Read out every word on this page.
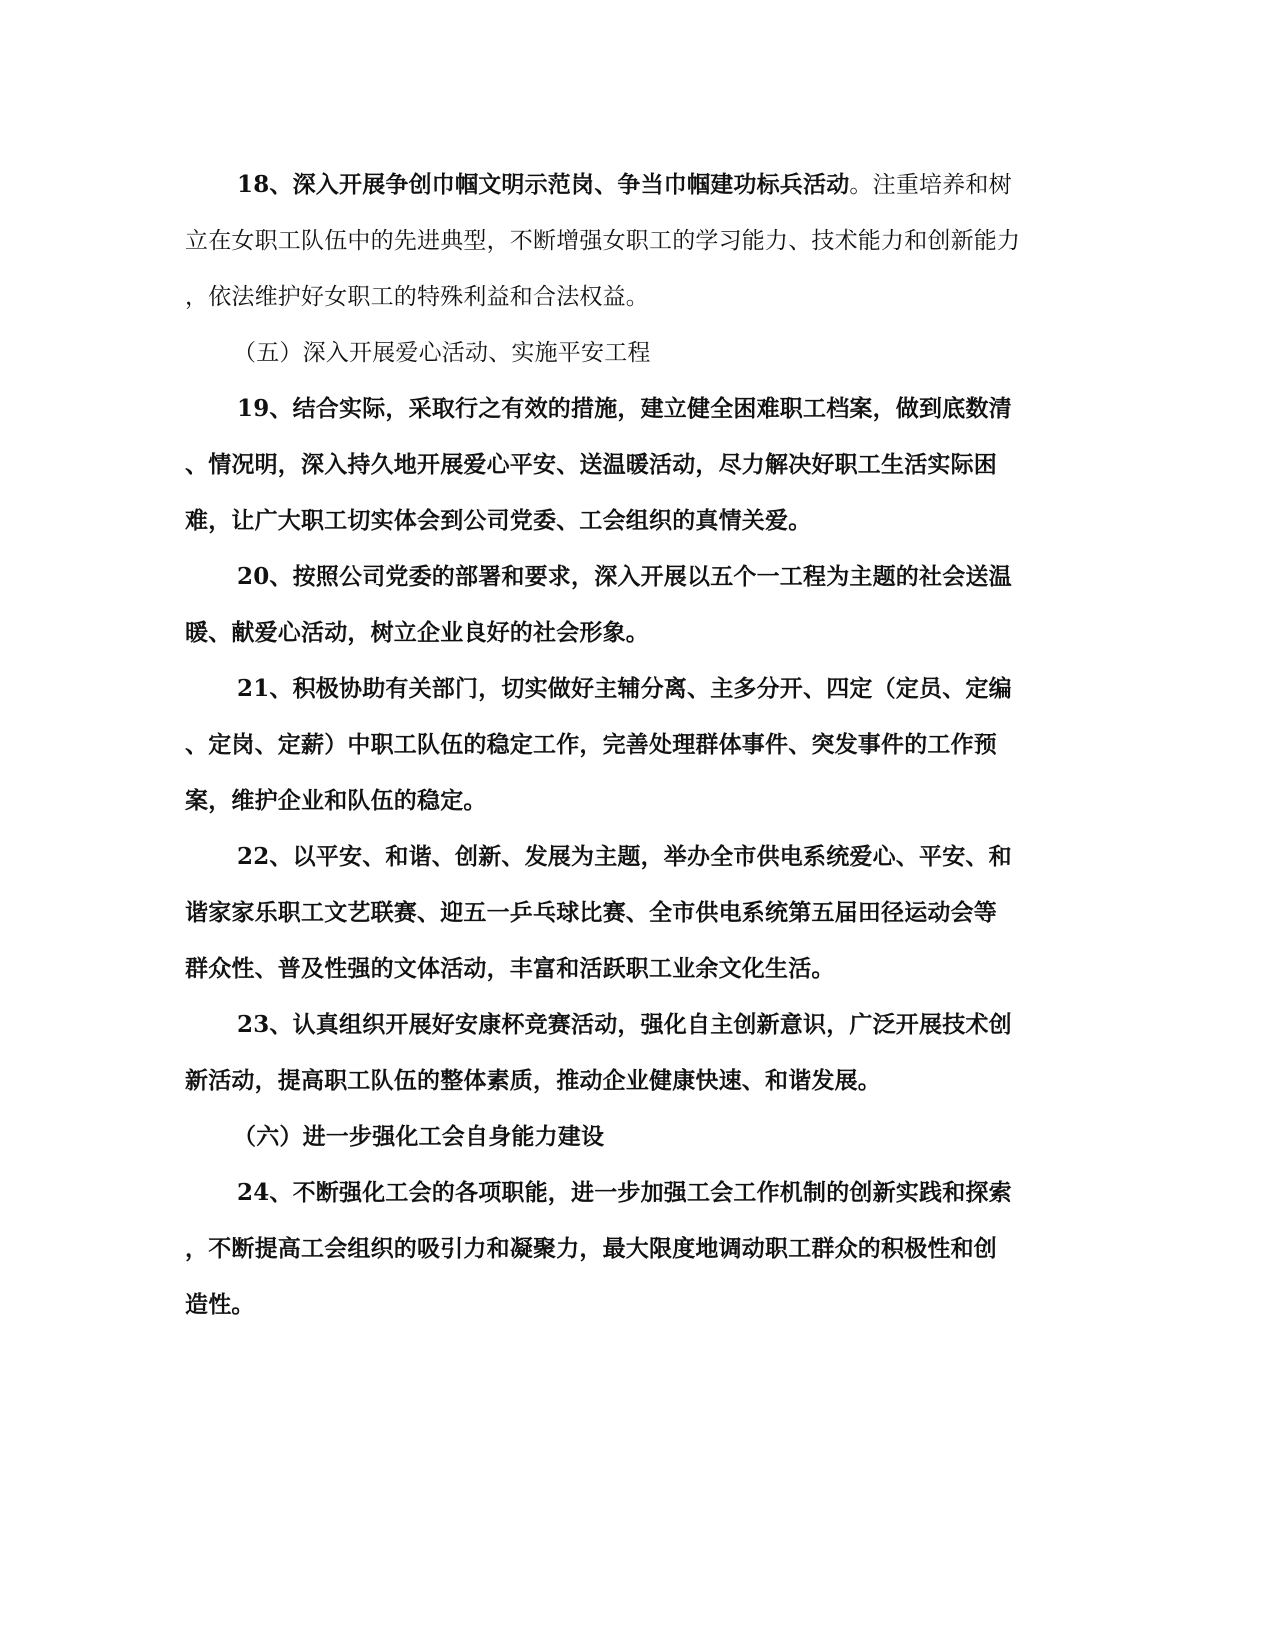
18、深入开展争创巾帼文明示范岗、争当巾帼建功标兵活动。注重培养和树
立在女职工队伍中的先进典型，不断增强女职工的学习能力、技术能力和创新能力
，依法维护好女职工的特殊利益和合法权益。
（五）深入开展爱心活动、实施平安工程
19、结合实际，采取行之有效的措施，建立健全困难职工档案，做到底数清
、情况明，深入持久地开展爱心平安、送温暖活动，尽力解决好职工生活实际困
难，让广大职工切实体会到公司党委、工会组织的真情关爱。
20、按照公司党委的部署和要求，深入开展以五个一工程为主题的社会送温
暖、献爱心活动，树立企业良好的社会形象。
21、积极协助有关部门，切实做好主辅分离、主多分开、四定（定员、定编
、定岗、定薪）中职工队伍的稳定工作，完善处理群体事件、突发事件的工作预
案，维护企业和队伍的稳定。
22、以平安、和谐、创新、发展为主题，举办全市供电系统爱心、平安、和
谐家家乐职工文艺联赛、迎五一乒乓球比赛、全市供电系统第五届田径运动会等
群众性、普及性强的文体活动，丰富和活跃职工业余文化生活。
23、认真组织开展好安康杯竞赛活动，强化自主创新意识，广泛开展技术创
新活动，提高职工队伍的整体素质，推动企业健康快速、和谐发展。
（六）进一步强化工会自身能力建设
24、不断强化工会的各项职能，进一步加强工会工作机制的创新实践和探索
，不断提高工会组织的吸引力和凝聚力，最大限度地调动职工群众的积极性和创
造性。
